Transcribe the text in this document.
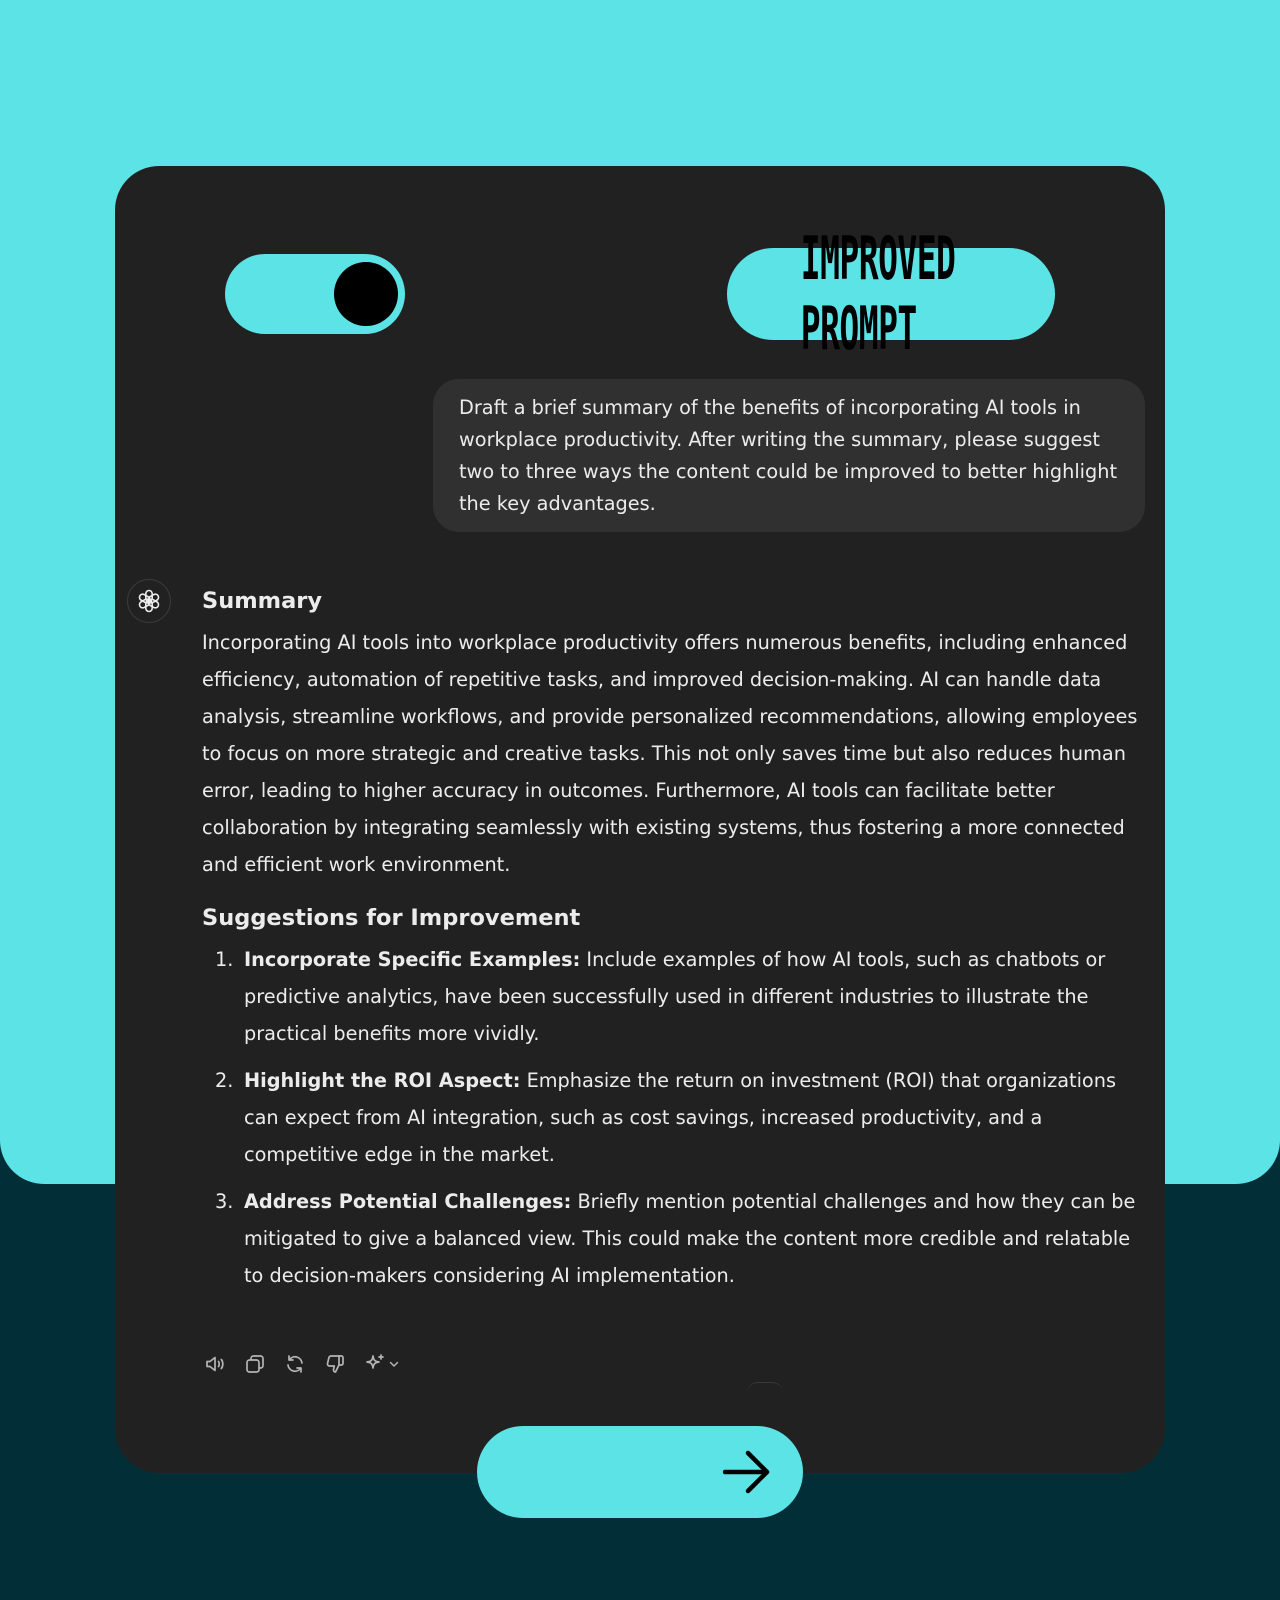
IMPROVED PROMPT
Draft a brief summary of the benefits of incorporating AI tools in workplace productivity. After writing the summary, please suggest two to three ways the content could be improved to better highlight the key advantages.
Summary

Incorporating AI tools into workplace productivity offers numerous benefits, including enhanced efficiency, automation of repetitive tasks, and improved decision-making. AI can handle data analysis, streamline workflows, and provide personalized recommendations, allowing employees to focus on more strategic and creative tasks. This not only saves time but also reduces human error, leading to higher accuracy in outcomes. Furthermore, AI tools can facilitate better collaboration by integrating seamlessly with existing systems, thus fostering a more connected and efficient work environment.

Suggestions for Improvement
1. Incorporate Specific Examples: Include examples of how AI tools, such as chatbots or predictive analytics, have been successfully used in different industries to illustrate the practical benefits more vividly.
2. Highlight the ROI Aspect: Emphasize the return on investment (ROI) that organizations can expect from AI integration, such as cost savings, increased productivity, and a competitive edge in the market.
3. Address Potential Challenges: Briefly mention potential challenges and how they can be mitigated to give a balanced view. This could make the content more credible and relatable to decision-makers considering AI implementation.
